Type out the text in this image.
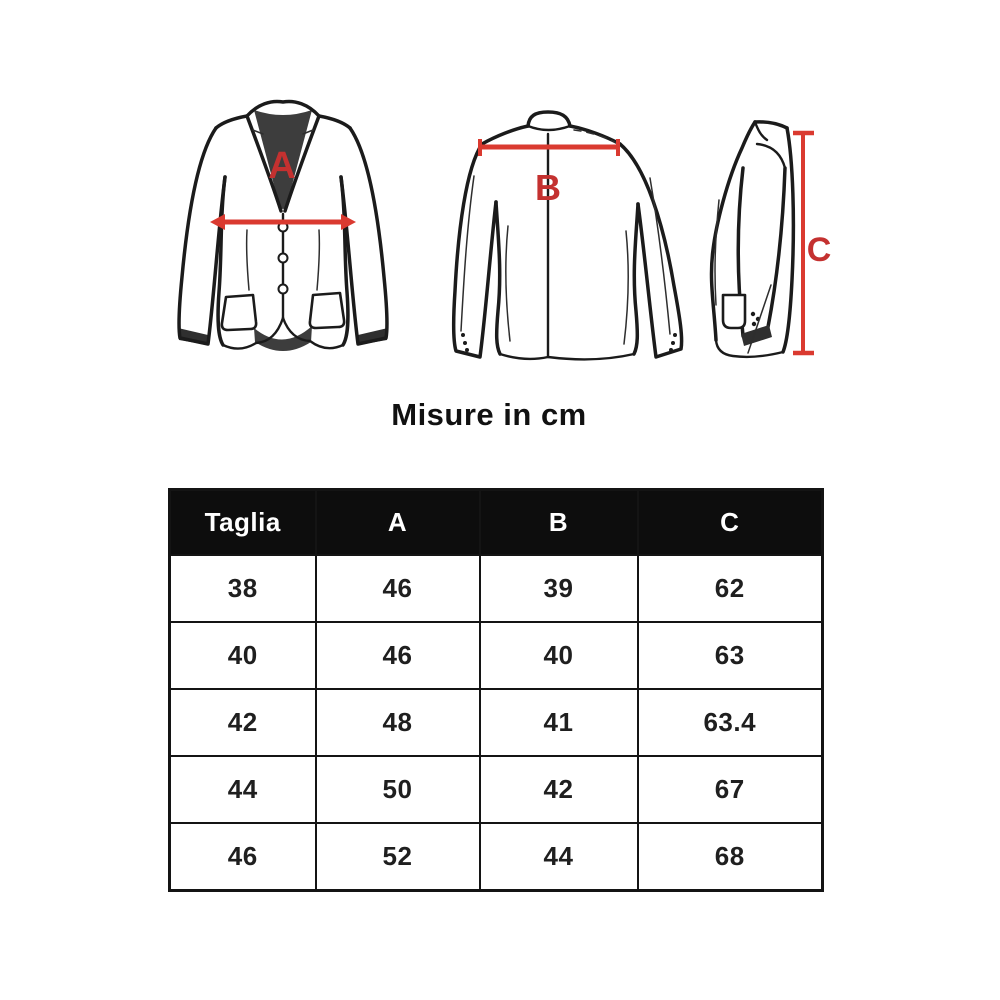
A
B
C
Misure in cm
Taglia	A	B	C
38	46	39	62
40	46	40	63
42	48	41	63.4
44	50	42	67
46	52	44	68
